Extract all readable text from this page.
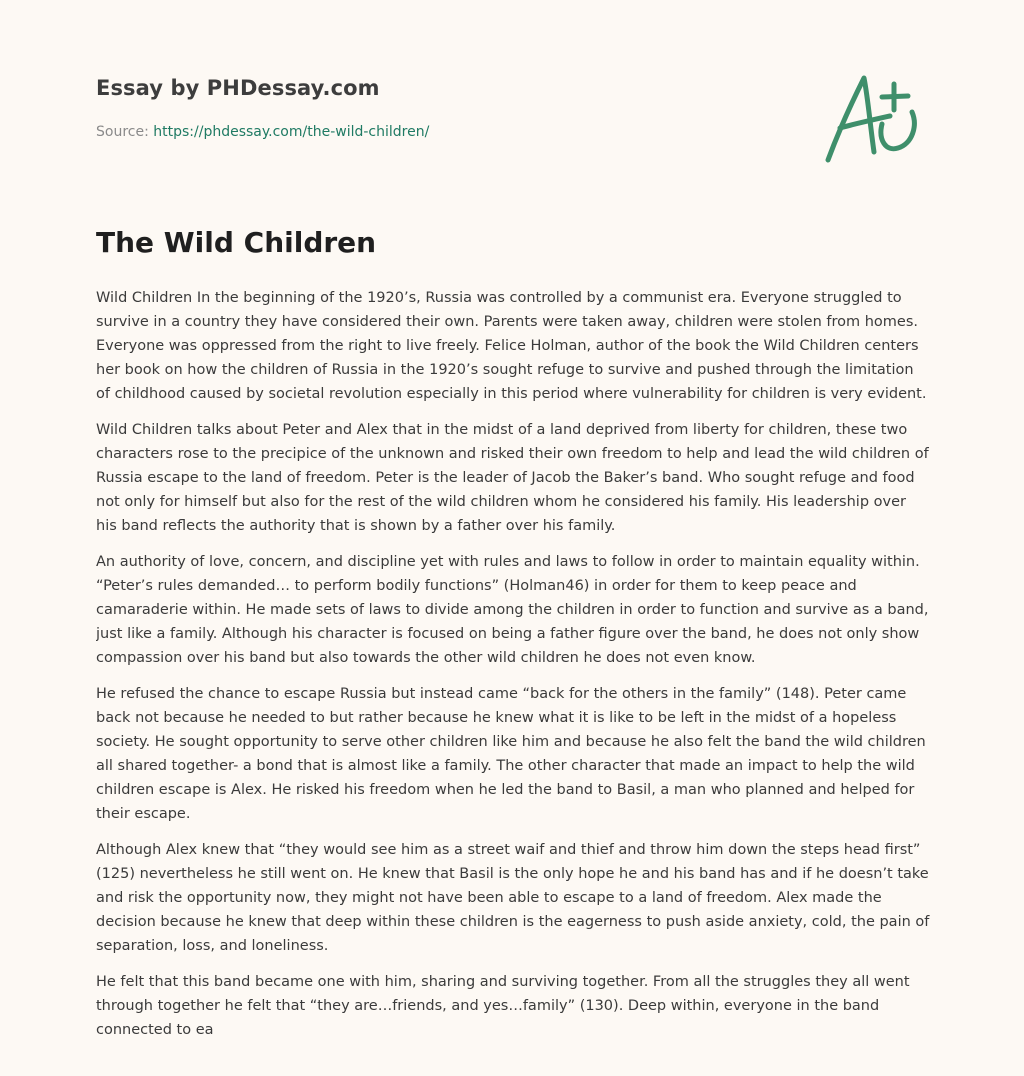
Essay by PHDessay.com

Source: https://phdessay.com/the-wild-children/

The Wild Children

Wild Children In the beginning of the 1920’s, Russia was controlled by a communist era. Everyone struggled to survive in a country they have considered their own. Parents were taken away, children were stolen from homes. Everyone was oppressed from the right to live freely. Felice Holman, author of the book the Wild Children centers her book on how the children of Russia in the 1920’s sought refuge to survive and pushed through the limitation of childhood caused by societal revolution especially in this period where vulnerability for children is very evident.

Wild Children talks about Peter and Alex that in the midst of a land deprived from liberty for children, these two characters rose to the precipice of the unknown and risked their own freedom to help and lead the wild children of Russia escape to the land of freedom. Peter is the leader of Jacob the Baker’s band. Who sought refuge and food not only for himself but also for the rest of the wild children whom he considered his family. His leadership over his band reflects the authority that is shown by a father over his family.

An authority of love, concern, and discipline yet with rules and laws to follow in order to maintain equality within. “Peter’s rules demanded… to perform bodily functions” (Holman46) in order for them to keep peace and camaraderie within. He made sets of laws to divide among the children in order to function and survive as a band, just like a family. Although his character is focused on being a father figure over the band, he does not only show compassion over his band but also towards the other wild children he does not even know.

He refused the chance to escape Russia but instead came “back for the others in the family” (148). Peter came back not because he needed to but rather because he knew what it is like to be left in the midst of a hopeless society. He sought opportunity to serve other children like him and because he also felt the band the wild children all shared together- a bond that is almost like a family. The other character that made an impact to help the wild children escape is Alex. He risked his freedom when he led the band to Basil, a man who planned and helped for their escape.

Although Alex knew that “they would see him as a street waif and thief and throw him down the steps head first” (125) nevertheless he still went on. He knew that Basil is the only hope he and his band has and if he doesn’t take and risk the opportunity now, they might not have been able to escape to a land of freedom. Alex made the decision because he knew that deep within these children is the eagerness to push aside anxiety, cold, the pain of separation, loss, and loneliness.

He felt that this band became one with him, sharing and surviving together. From all the struggles they all went through together he felt that “they are…friends, and yes…family” (130). Deep within, everyone in the band connected to ea
